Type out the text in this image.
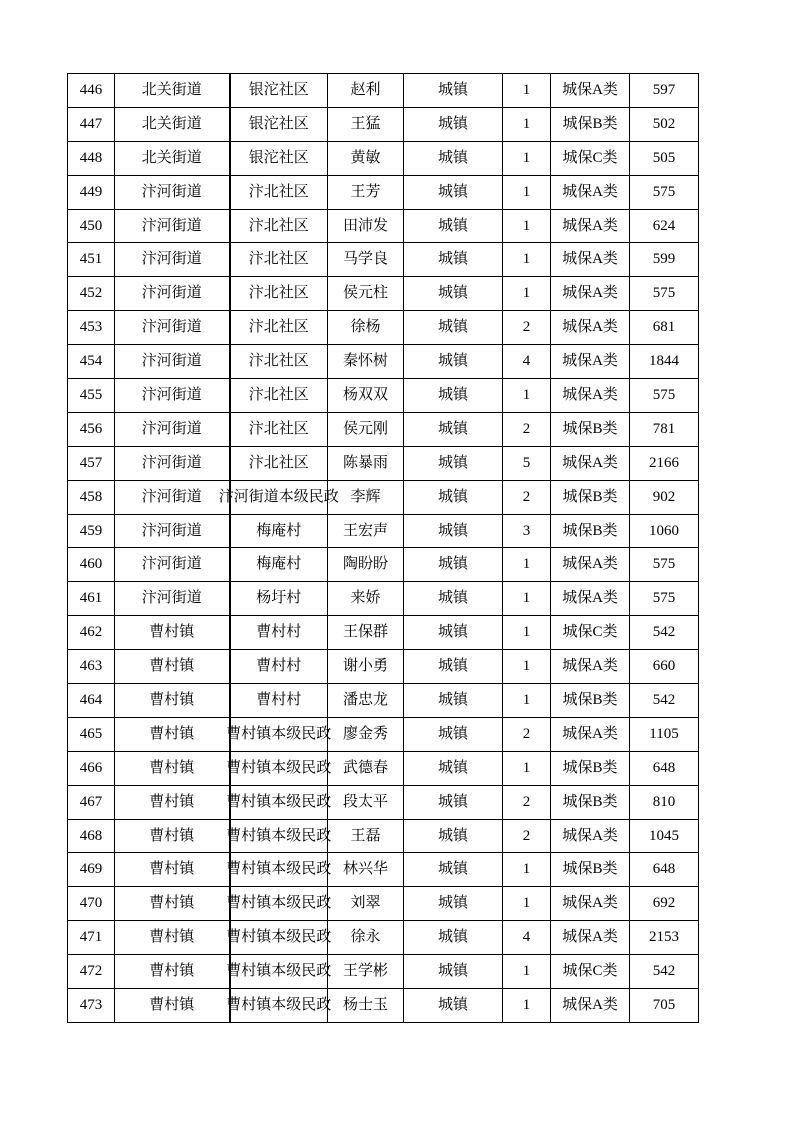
446	北关街道	银沱社区	赵利	城镇	1	城保A类	597

447	北关街道	银沱社区	王猛	城镇	1	城保B类	502

448	北关街道	银沱社区	黄敏	城镇	1	城保C类	505

449	汴河街道	汴北社区	王芳	城镇	1	城保A类	575

450	汴河街道	汴北社区	田沛发	城镇	1	城保A类	624

451	汴河街道	汴北社区	马学良	城镇	1	城保A类	599

452	汴河街道	汴北社区	侯元柱	城镇	1	城保A类	575

453	汴河街道	汴北社区	徐杨	城镇	2	城保A类	681

454	汴河街道	汴北社区	秦怀树	城镇	4	城保A类	1844

455	汴河街道	汴北社区	杨双双	城镇	1	城保A类	575

456	汴河街道	汴北社区	侯元刚	城镇	2	城保B类	781

457	汴河街道	汴北社区	陈暴雨	城镇	5	城保A类	2166

458	汴河街道	汴河街道本级民政	李辉	城镇	2	城保B类	902

459	汴河街道	梅庵村	王宏声	城镇	3	城保B类	1060

460	汴河街道	梅庵村	陶盼盼	城镇	1	城保A类	575

461	汴河街道	杨圩村	来娇	城镇	1	城保A类	575

462	曹村镇	曹村村	王保群	城镇	1	城保C类	542

463	曹村镇	曹村村	谢小勇	城镇	1	城保A类	660

464	曹村镇	曹村村	潘忠龙	城镇	1	城保B类	542

465	曹村镇	曹村镇本级民政	廖金秀	城镇	2	城保A类	1105

466	曹村镇	曹村镇本级民政	武德春	城镇	1	城保B类	648

467	曹村镇	曹村镇本级民政	段太平	城镇	2	城保B类	810

468	曹村镇	曹村镇本级民政	王磊	城镇	2	城保A类	1045

469	曹村镇	曹村镇本级民政	林兴华	城镇	1	城保B类	648

470	曹村镇	曹村镇本级民政	刘翠	城镇	1	城保A类	692

471	曹村镇	曹村镇本级民政	徐永	城镇	4	城保A类	2153

472	曹村镇	曹村镇本级民政	王学彬	城镇	1	城保C类	542

473	曹村镇	曹村镇本级民政	杨士玉	城镇	1	城保A类	705
